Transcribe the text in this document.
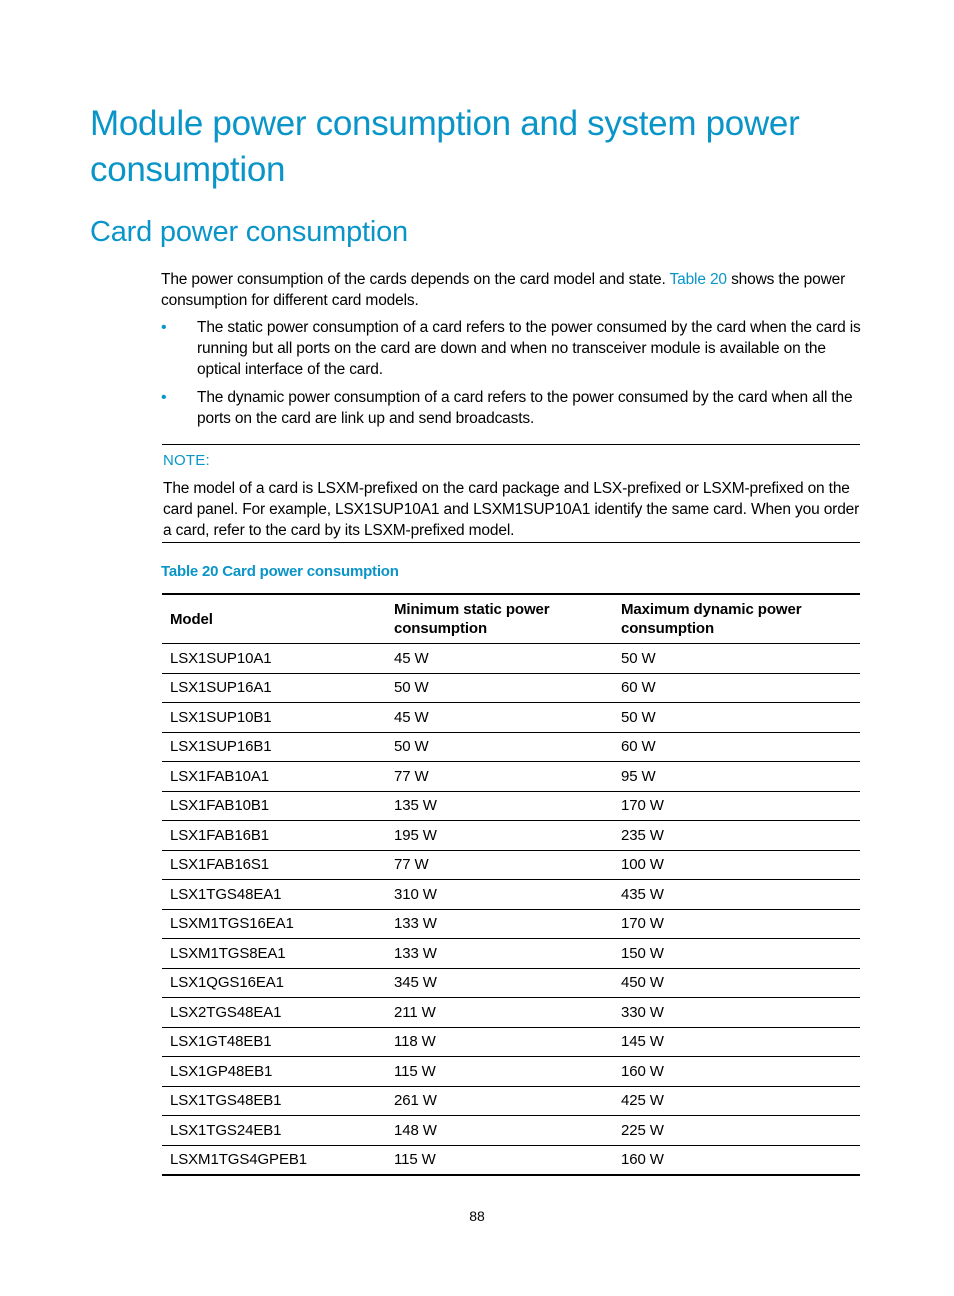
Module power consumption and system power consumption
Card power consumption
The power consumption of the cards depends on the card model and state. Table 20 shows the power consumption for different card models.
• The static power consumption of a card refers to the power consumed by the card when the card is running but all ports on the card are down and when no transceiver module is available on the optical interface of the card.
• The dynamic power consumption of a card refers to the power consumed by the card when all the ports on the card are link up and send broadcasts.
NOTE:
The model of a card is LSXM-prefixed on the card package and LSX-prefixed or LSXM-prefixed on the card panel. For example, LSX1SUP10A1 and LSXM1SUP10A1 identify the same card. When you order a card, refer to the card by its LSXM-prefixed model.
Table 20 Card power consumption
Model	Minimum static power consumption	Maximum dynamic power consumption
LSX1SUP10A1	45 W	50 W
LSX1SUP16A1	50 W	60 W
LSX1SUP10B1	45 W	50 W
LSX1SUP16B1	50 W	60 W
LSX1FAB10A1	77 W	95 W
LSX1FAB10B1	135 W	170 W
LSX1FAB16B1	195 W	235 W
LSX1FAB16S1	77 W	100 W
LSX1TGS48EA1	310 W	435 W
LSXM1TGS16EA1	133 W	170 W
LSXM1TGS8EA1	133 W	150 W
LSX1QGS16EA1	345 W	450 W
LSX2TGS48EA1	211 W	330 W
LSX1GT48EB1	118 W	145 W
LSX1GP48EB1	115 W	160 W
LSX1TGS48EB1	261 W	425 W
LSX1TGS24EB1	148 W	225 W
LSXM1TGS4GPEB1	115 W	160 W
88
